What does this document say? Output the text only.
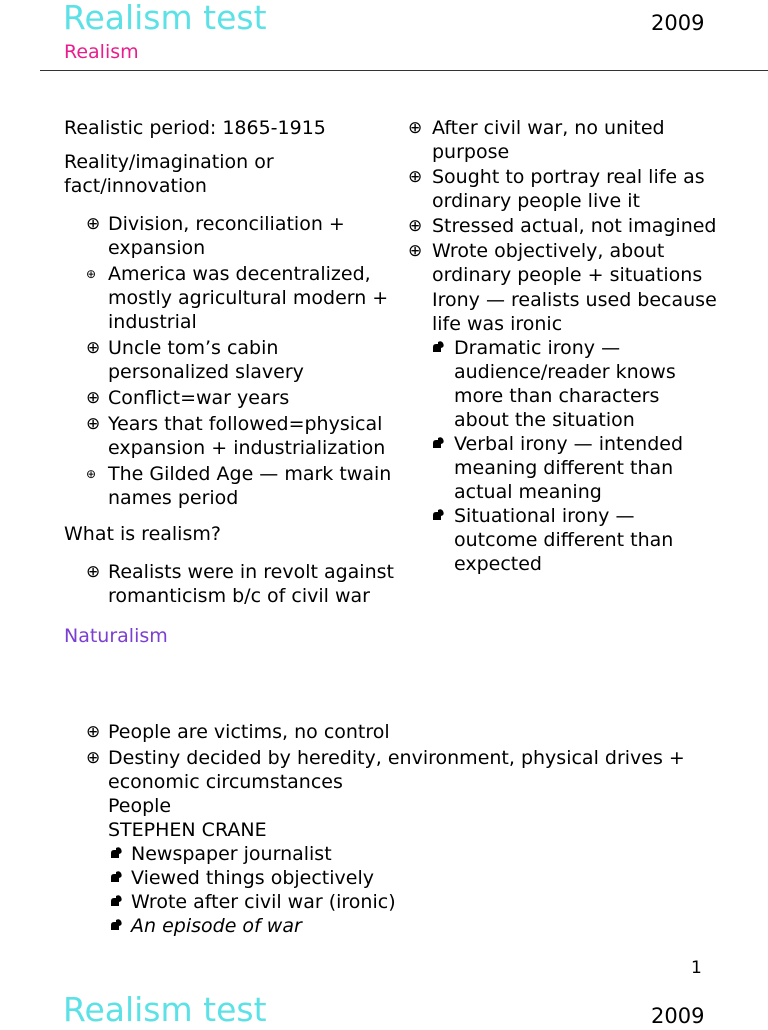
Realism test
Realism
2009

Realistic period: 1865-1915

Reality/imagination or fact/innovation

⊕ Division, reconciliation + expansion
⊕ America was decentralized, mostly agricultural modern + industrial
⊕ Uncle tom’s cabin personalized slavery
⊕ Conflict=war years
⊕ Years that followed=physical expansion + industrialization
⊕ The Gilded Age — mark twain names period

What is realism?

⊕ Realists were in revolt against romanticism b/c of civil war

Naturalism

⊕ After civil war, no united purpose
⊕ Sought to portray real life as ordinary people live it
⊕ Stressed actual, not imagined
⊕ Wrote objectively, about ordinary people + situations
Irony — realists used because life was ironic
Dramatic irony — audience/reader knows more than characters about the situation
Verbal irony — intended meaning different than actual meaning
Situational irony — outcome different than expected
⊕ People are victims, no control
⊕ Destiny decided by heredity, environment, physical drives + economic circumstances
People
STEPHEN CRANE
Newspaper journalist
Viewed things objectively
Wrote after civil war (ironic)
An episode of war
1
Realism test	2009
